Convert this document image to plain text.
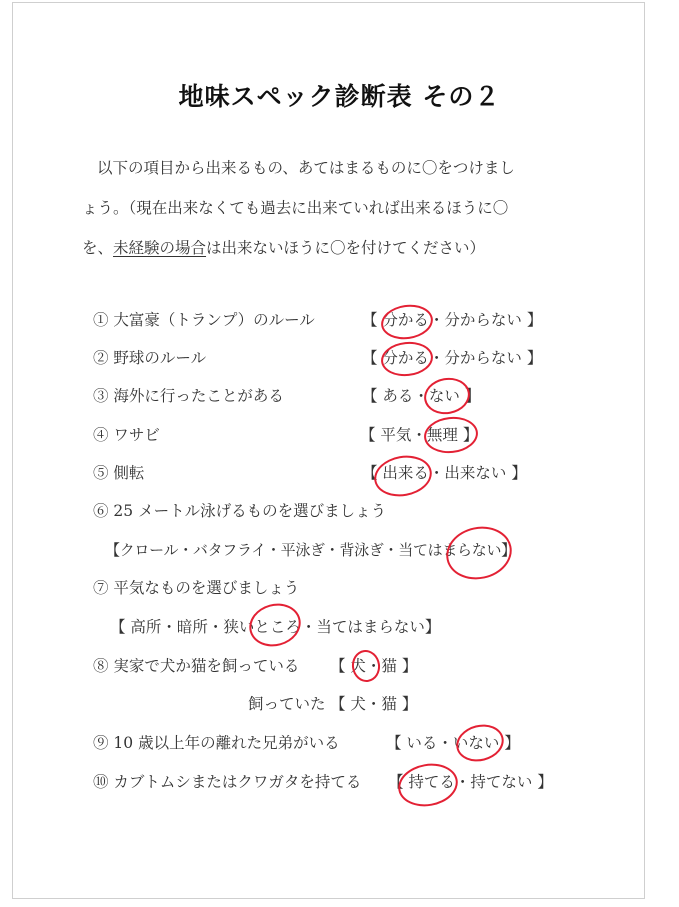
地味スペック診断表 その２
以下の項目から出来るもの、あてはまるものに〇をつけまし
ょう。（現在出来なくても過去に出来ていれば出来るほうに〇
を、未経験の場合は出来ないほうに〇を付けてください）
① 大富豪（トランプ）のルール	【 分かる・分からない 】
② 野球のルール	【 分かる・分からない 】
③ 海外に行ったことがある	【 ある・ない 】
④ ワサビ	【 平気・無理 】
⑤ 側転	【 出来る・出来ない 】
⑥ 25 メートル泳げるものを選びましょう
【クロール・バタフライ・平泳ぎ・背泳ぎ・当てはまらない】
⑦ 平気なものを選びましょう
【 高所・暗所・狭いところ・当てはまらない】
⑧ 実家で犬か猫を飼っている 【 犬・猫 】
飼っていた 【 犬・猫 】
⑨ 10 歳以上年の離れた兄弟がいる	【 いる・いない 】
⑩ カブトムシまたはクワガタを持てる 【 持てる・持てない 】
